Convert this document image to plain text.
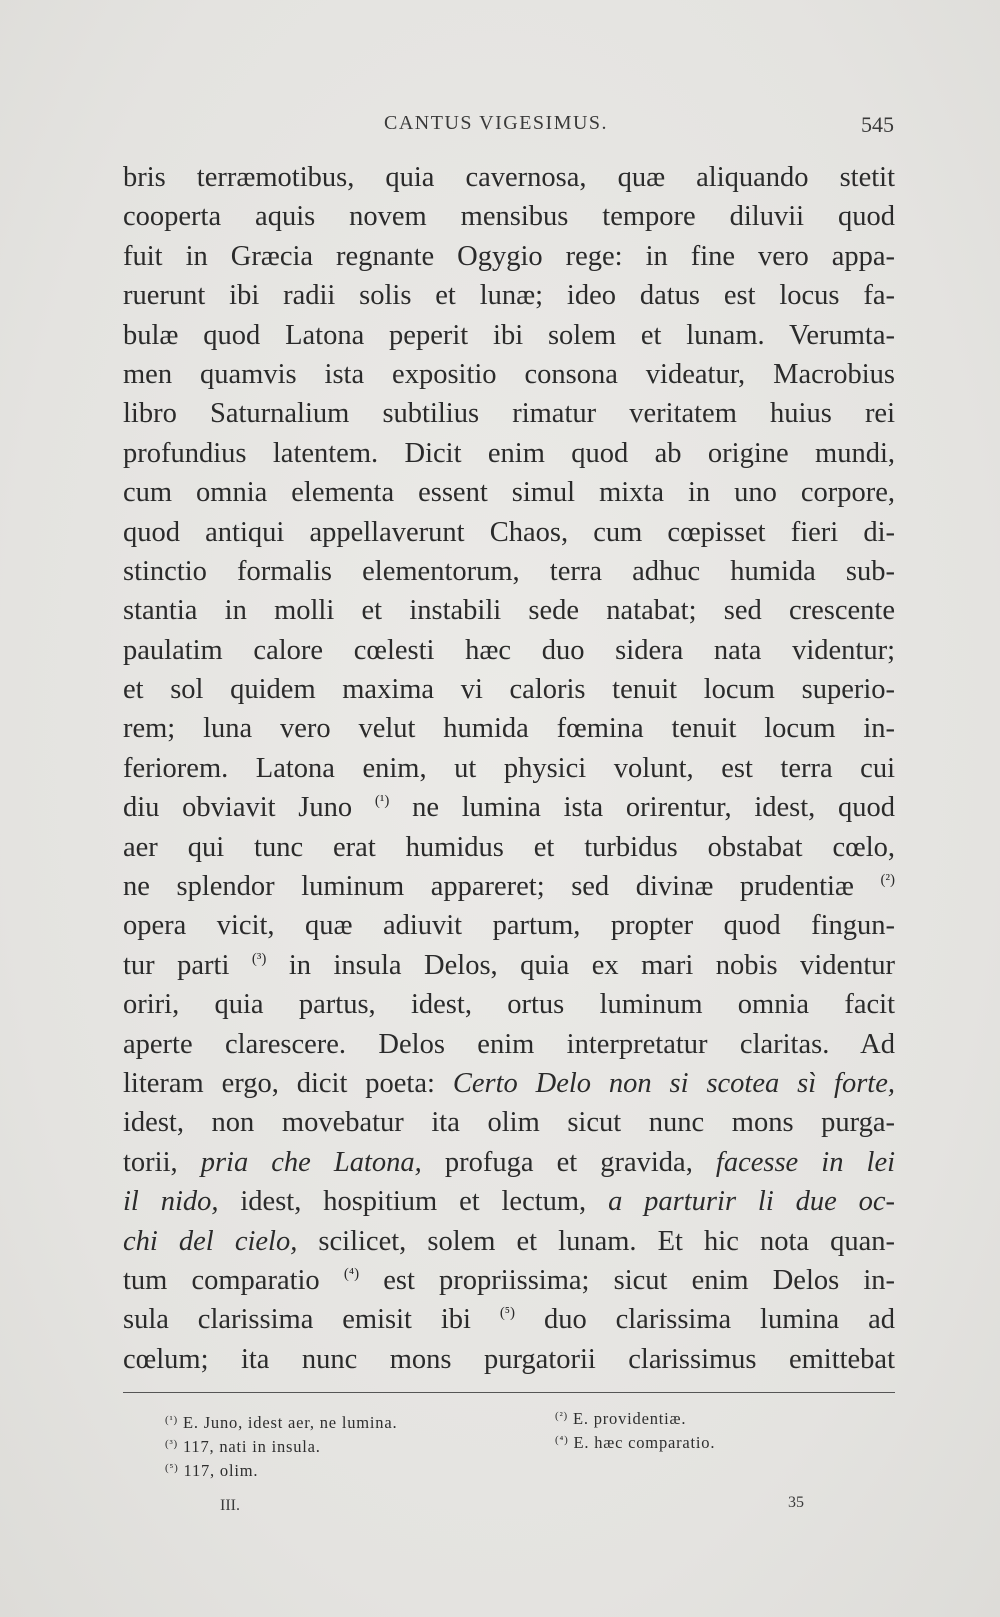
CANTUS VIGESIMUS.	545
bris terræmotibus, quia cavernosa, quæ aliquando stetit
cooperta aquis novem mensibus tempore diluvii quod
fuit in Græcia regnante Ogygio rege: in fine vero appa-
ruerunt ibi radii solis et lunæ; ideo datus est locus fa-
bulæ quod Latona peperit ibi solem et lunam. Verumta-
men quamvis ista expositio consona videatur, Macrobius
libro Saturnalium subtilius rimatur veritatem huius rei
profundius latentem. Dicit enim quod ab origine mundi,
cum omnia elementa essent simul mixta in uno corpore,
quod antiqui appellaverunt Chaos, cum cœpisset fieri di-
stinctio formalis elementorum, terra adhuc humida sub-
stantia in molli et instabili sede natabat; sed crescente
paulatim calore cœlesti hæc duo sidera nata videntur;
et sol quidem maxima vi caloris tenuit locum superio-
rem; luna vero velut humida fœmina tenuit locum in-
feriorem. Latona enim, ut physici volunt, est terra cui
diu obviavit Juno $^{(^1)}$ ne lumina ista orirentur, idest, quod
aer qui tunc erat humidus et turbidus obstabat cœlo,
ne splendor luminum appareret; sed divinæ prudentiæ $^{(^2)}$
opera vicit, quæ adiuvit partum, propter quod fingun-
tur parti $^{(^3)}$ in insula Delos, quia ex mari nobis videntur
oriri, quia partus, idest, ortus luminum omnia facit
aperte clarescere. Delos enim interpretatur claritas. Ad
literam ergo, dicit poeta: Certo Delo non si scotea sì forte,
idest, non movebatur ita olim sicut nunc mons purga-
torii, pria che Latona, profuga et gravida, facesse in lei
il nido, idest, hospitium et lectum, a parturir li due oc-
chi del cielo, scilicet, solem et lunam. Et hic nota quan-
tum comparatio $^{(^4)}$ est propriissima; sicut enim Delos in-
sula clarissima emisit ibi $^{(^5)}$ duo clarissima lumina ad
cœlum; ita nunc mons purgatorii clarissimus emittebat
$^{(^1)}$ E. Juno, idest aer, ne lumina.	$^{(^2)}$ E. providentiæ.
$^{(^3)}$ 117, nati in insula.	$^{(^4)}$ E. hæc comparatio.
$^{(^5)}$ 117, olim.
III.	35
